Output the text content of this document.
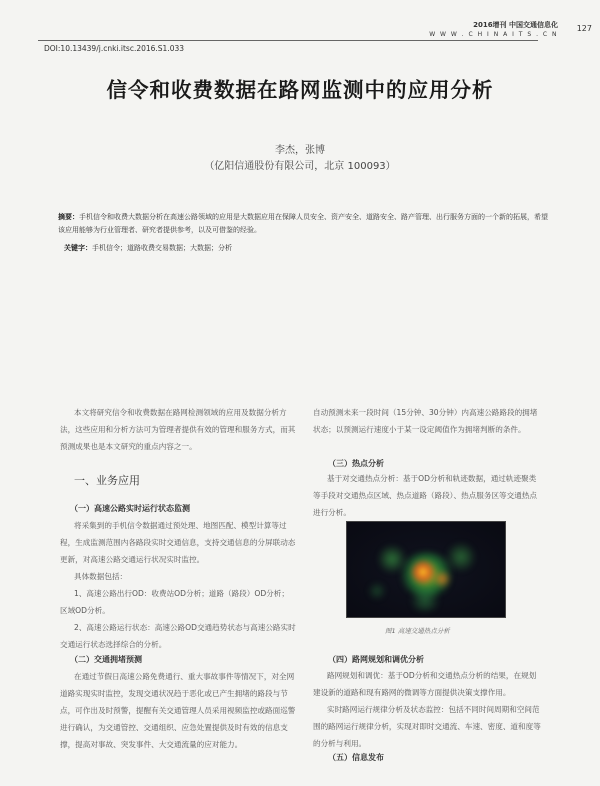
2016增刊 中国交通信息化
W W W . C H I N A I T S . C N
127
DOI:10.13439/j.cnki.itsc.2016.S1.033
信令和收费数据在路网监测中的应用分析
李杰，张博
（亿阳信通股份有限公司，北京 100093）
摘要：手机信令和收费大数据分析在高速公路领域的应用是大数据应用在保障人员安全、资产安全、道路安全、路产管理、出行服务方面的一个新的拓展，希望该应用能够为行业管理者、研究者提供参考，以及可借鉴的经验。
关键字：手机信令；道路收费交易数据；大数据；分析

本文将研究信令和收费数据在路网检测领域的应用及数据分析方法，这些应用和分析方法可为管理者提供有效的管理和服务方式，而其预测成果也是本文研究的重点内容之一。

一、业务应用
（一）高速公路实时运行状态监测

将采集到的手机信令数据通过预处理、地图匹配、模型计算等过程，生成监测范围内各路段实时交通信息，支持交通信息的分屏联动态更新，对高速公路交通运行状况实时监控。

具体数据包括：

1、高速公路出行OD：收费站OD分析；道路（路段）OD分析；区域OD分析。

2、高速公路运行状态：高速公路OD交通趋势状态与高速公路实时交通运行状态选择综合的分析。

（二）交通拥堵预测

在通过节假日高速公路免费通行、重大事故事件等情况下，对全网道路实现实时监控，发现交通状况趋于恶化或已产生拥堵的路段与节点，可作出及时预警，提醒有关交通管理人员采用视频监控或路面巡警进行确认，为交通管控、交通组织、应急处置提供及时有效的信息支撑，提高对事故、突发事件、大交通流量的应对能力。

自动预测未来一段时间（15分钟、30分钟）内高速公路路段的拥堵状态；以预测运行速度小于某一设定阈值作为拥堵判断的条件。

（三）热点分析

基于对交通热点分析：基于OD分析和轨迹数据，通过轨迹聚类等手段对交通热点区域、热点道路（路段）、热点服务区等交通热点进行分析。

图1 高速交通热点分析
（四）路网规划和调优分析

路网规划和调优：基于OD分析和交通热点分析的结果，在规划建设新的道路和现有路网的微调等方面提供决策支撑作用。

实时路网运行规律分析及状态监控：包括不同时间周期和空间范围的路网运行规律分析，实现对即时交通流、车速、密度、道和度等的分析与利用。

（五）信息发布
